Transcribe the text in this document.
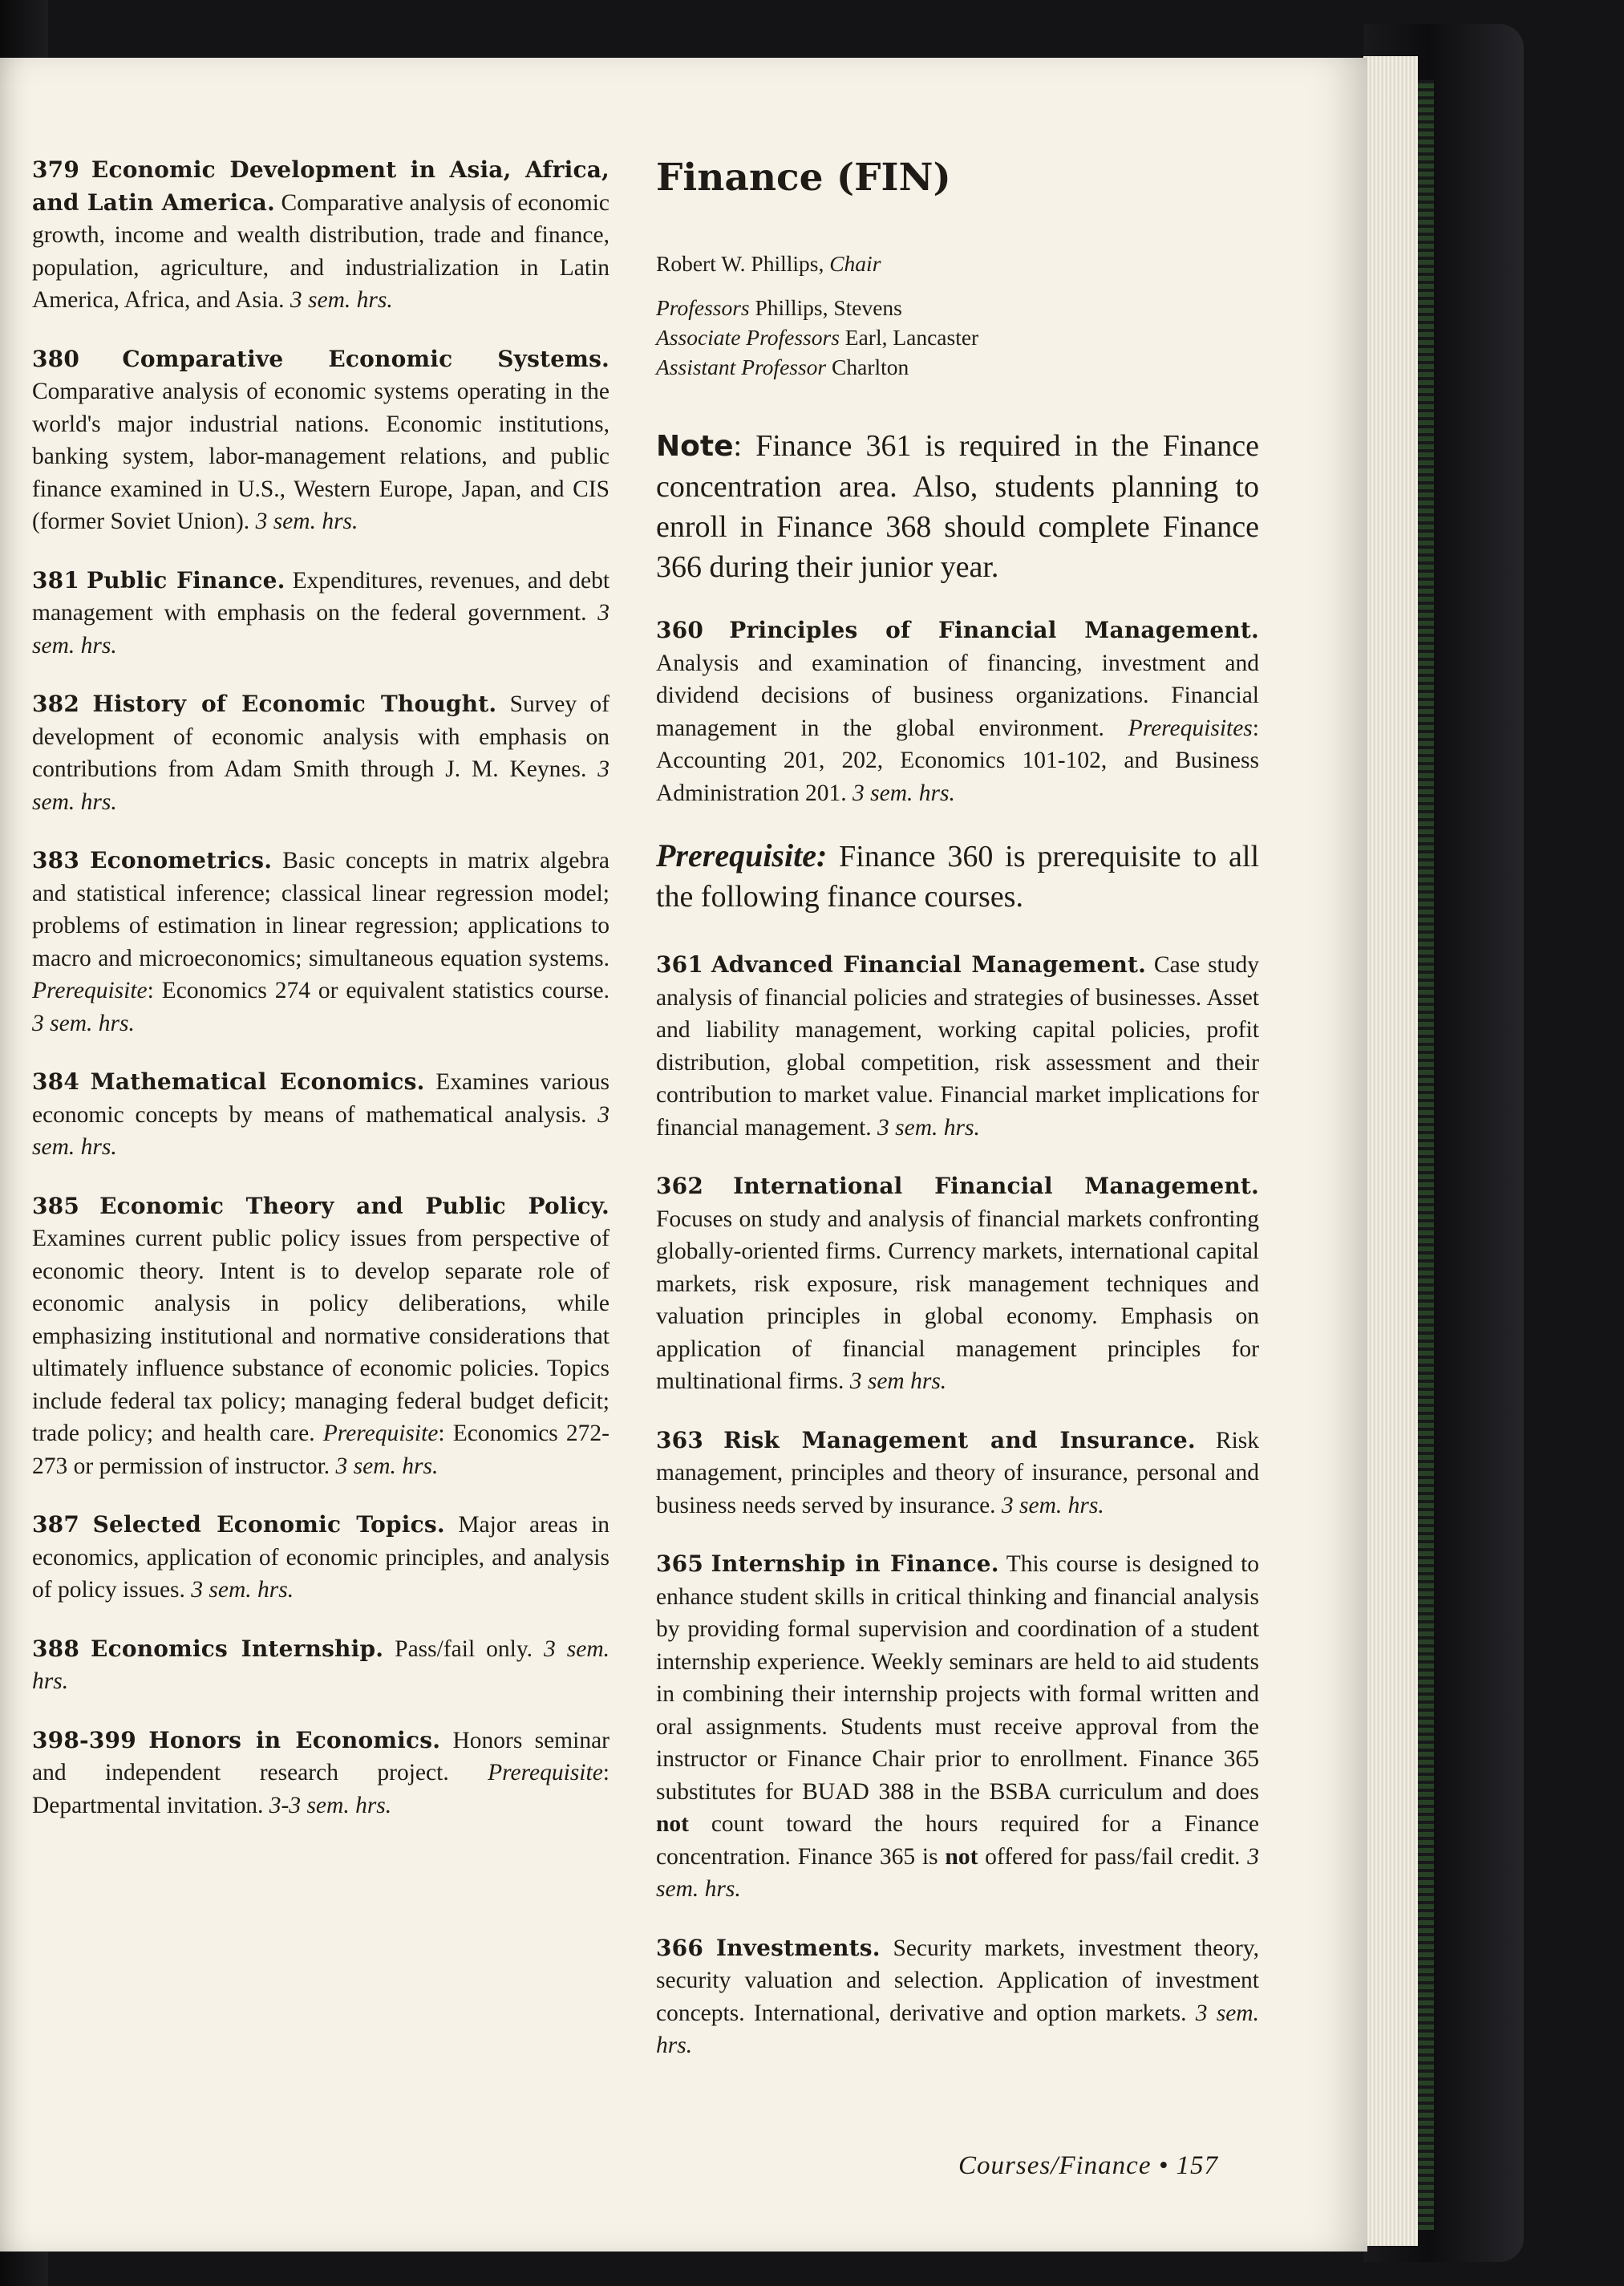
379 Economic Development in Asia, Africa, and Latin America. Comparative analysis of economic growth, income and wealth distribution, trade and finance, population, agriculture, and industrialization in Latin America, Africa, and Asia. 3 sem. hrs.

380 Comparative Economic Systems. Comparative analysis of economic systems operating in the world's major industrial nations. Economic institutions, banking system, labor-management relations, and public finance examined in U.S., Western Europe, Japan, and CIS (former Soviet Union). 3 sem. hrs.

381 Public Finance. Expenditures, revenues, and debt management with emphasis on the federal government. 3 sem. hrs.

382 History of Economic Thought. Survey of development of economic analysis with emphasis on contributions from Adam Smith through J. M. Keynes. 3 sem. hrs.

383 Econometrics. Basic concepts in matrix algebra and statistical inference; classical linear regression model; problems of estimation in linear regression; applications to macro and microeconomics; simultaneous equation systems. Prerequisite: Economics 274 or equivalent statistics course. 3 sem. hrs.

384 Mathematical Economics. Examines various economic concepts by means of mathematical analysis. 3 sem. hrs.

385 Economic Theory and Public Policy. Examines current public policy issues from perspective of economic theory. Intent is to develop separate role of economic analysis in policy deliberations, while emphasizing institutional and normative considerations that ultimately influence substance of economic policies. Topics include federal tax policy; managing federal budget deficit; trade policy; and health care. Prerequisite: Economics 272-273 or permission of instructor. 3 sem. hrs.

387 Selected Economic Topics. Major areas in economics, application of economic principles, and analysis of policy issues. 3 sem. hrs.

388 Economics Internship. Pass/fail only. 3 sem. hrs.

398-399 Honors in Economics. Honors seminar and independent research project. Prerequisite: Departmental invitation. 3-3 sem. hrs.

Finance (FIN)
Robert W. Phillips, Chair
Professors Phillips, Stevens
Associate Professors Earl, Lancaster
Assistant Professor Charlton

Note: Finance 361 is required in the Finance concentration area. Also, students planning to enroll in Finance 368 should complete Finance 366 during their junior year.

360 Principles of Financial Management. Analysis and examination of financing, investment and dividend decisions of business organizations. Financial management in the global environment. Prerequisites: Accounting 201, 202, Economics 101-102, and Business Administration 201. 3 sem. hrs.

Prerequisite: Finance 360 is prerequisite to all the following finance courses.

361 Advanced Financial Management. Case study analysis of financial policies and strategies of businesses. Asset and liability management, working capital policies, profit distribution, global competition, risk assessment and their contribution to market value. Financial market implications for financial management. 3 sem. hrs.

362 International Financial Management. Focuses on study and analysis of financial markets confronting globally-oriented firms. Currency markets, international capital markets, risk exposure, risk management techniques and valuation principles in global economy. Emphasis on application of financial management principles for multinational firms. 3 sem hrs.

363 Risk Management and Insurance. Risk management, principles and theory of insurance, personal and business needs served by insurance. 3 sem. hrs.

365 Internship in Finance. This course is designed to enhance student skills in critical thinking and financial analysis by providing formal supervision and coordination of a student internship experience. Weekly seminars are held to aid students in combining their internship projects with formal written and oral assignments. Students must receive approval from the instructor or Finance Chair prior to enrollment. Finance 365 substitutes for BUAD 388 in the BSBA curriculum and does not count toward the hours required for a Finance concentration. Finance 365 is not offered for pass/fail credit. 3 sem. hrs.

366 Investments. Security markets, investment theory, security valuation and selection. Application of investment concepts. International, derivative and option markets. 3 sem. hrs.

Courses/Finance • 157
